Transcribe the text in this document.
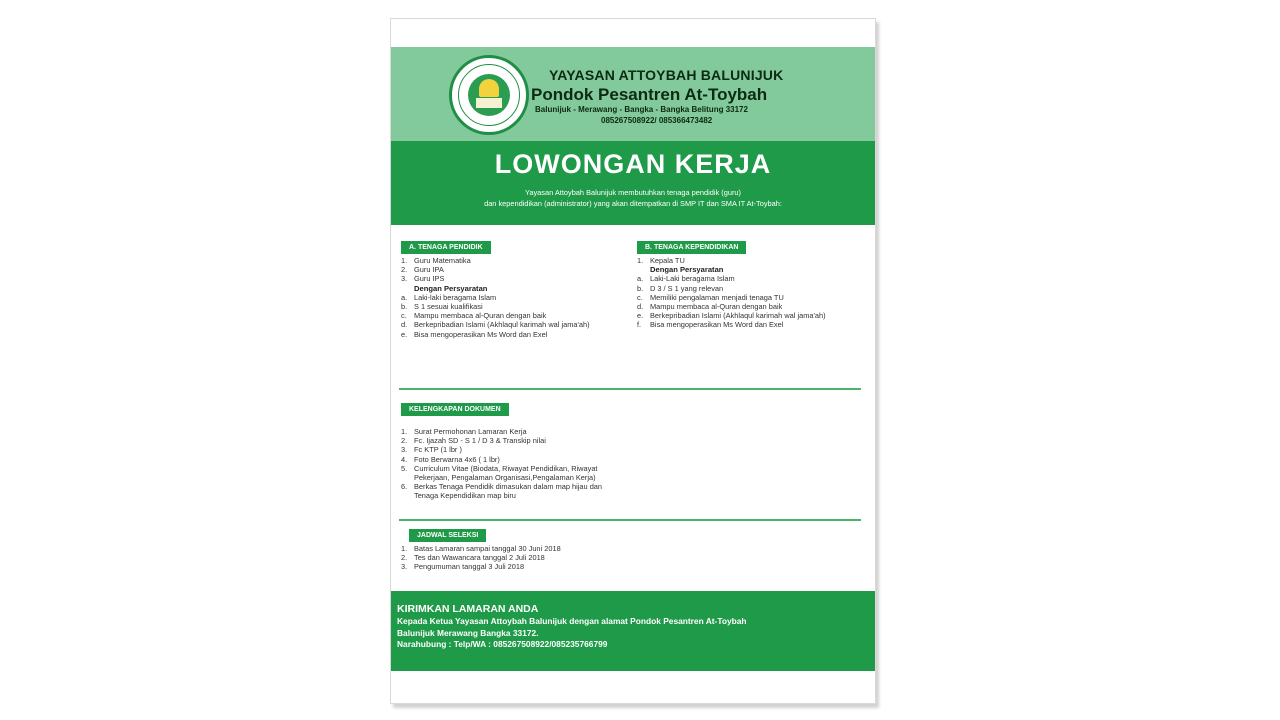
YAYASAN ATTOYBAH BALUNIJUK
Pondok Pesantren At-Toybah
Balunijuk - Merawang - Bangka - Bangka Belitung 33172
085267508922/ 085366473482
LOWONGAN KERJA
Yayasan Attoybah Balunijuk membutuhkan tenaga pendidik (guru)
dan kependidikan (administrator) yang akan ditempatkan di SMP IT dan SMA IT At-Toybah:
A. TENAGA PENDIDIK
1. Guru Matematika
2. Guru IPA
3. Guru IPS
Dengan Persyaratan
a. Laki-laki beragama Islam
b. S 1 sesuai kualifikasi
c. Mampu membaca al-Quran dengan baik
d. Berkepribadian Islami (Akhlaqul karimah wal jama'ah)
e. Bisa mengoperasikan Ms Word dan Exel
B. TENAGA KEPENDIDIKAN
1. Kepala TU
Dengan Persyaratan
a. Laki-Laki beragama Islam
b. D 3 / S 1 yang relevan
c. Memiliki pengalaman menjadi tenaga TU
d. Mampu membaca al-Quran dengan baik
e. Berkepribadian Islami (Akhlaqul karimah wal jama'ah)
f.	Bisa mengoperasikan Ms Word dan Exel
KELENGKAPAN DOKUMEN
1. Surat Permohonan Lamaran Kerja
2. Fc. Ijazah SD - S 1 / D 3 & Transkip nilai
3. Fc KTP (1 lbr )
4. Foto Berwarna 4x6 ( 1 lbr)
5. Curriculum Vitae (Biodata, Riwayat Pendidikan, Riwayat
Pekerjaan, Pengalaman Organisasi,Pengalaman Kerja)
6. Berkas Tenaga Pendidik dimasukan dalam map hijau dan
Tenaga Kependidikan map biru
JADWAL SELEKSI
1. Batas Lamaran sampai tanggal 30 Juni 2018
2. Tes dan Wawancara tanggal 2 Juli 2018
3. Pengumuman tanggal 3 Juli 2018
KIRIMKAN LAMARAN ANDA
Kepada Ketua Yayasan Attoybah Balunijuk dengan alamat Pondok Pesantren At-Toybah
Balunijuk Merawang Bangka 33172.
Narahubung : Telp/WA : 085267508922/085235766799
